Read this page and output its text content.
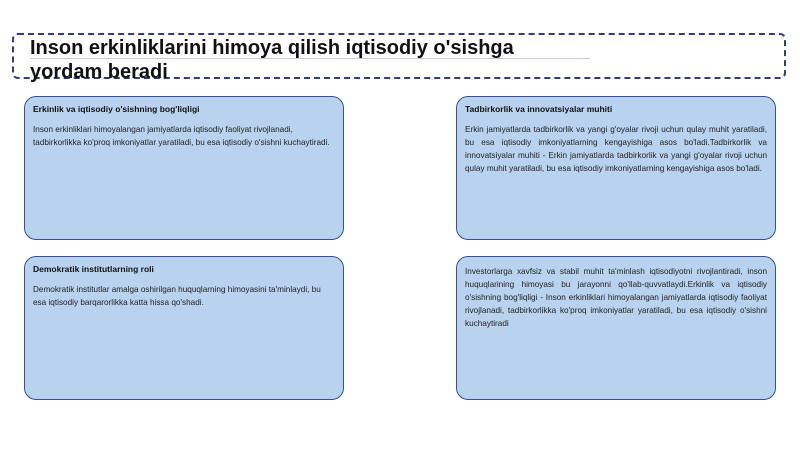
Inson erkinliklarini himoya qilish iqtisodiy o'sishga yordam beradi

Erkinlik va iqtisodiy o'sishning bog'liqligi

Inson erkinliklari himoyalangan jamiyatlarda iqtisodiy faoliyat rivojlanadi, tadbirkorlikka ko'proq imkoniyatlar yaratiladi, bu esa iqtisodiy o'sishni kuchaytiradi.

Tadbirkorlik va innovatsiyalar muhiti

Erkin jamiyatlarda tadbirkorlik va yangi g'oyalar rivoji uchun qulay muhit yaratiladi, bu esa iqtisodiy imkoniyatlarning kengayishiga asos bo'ladi.Tadbirkorlik va innovatsiyalar muhiti - Erkin jamiyatlarda tadbirkorlik va yangi g'oyalar rivoji uchun qulay muhit yaratiladi, bu esa iqtisodiy imkoniyatlarning kengayishiga asos bo'ladi.

Demokratik institutlarning roli

Demokratik institutlar amalga oshirilgan huquqlarning himoyasini ta'minlaydi, bu esa iqtisodiy barqarorlikka katta hissa qo'shadi.

Investorlarga xavfsiz va stabil muhit ta'minlash iqtisodiyotni rivojlantiradi, inson huquqlarining himoyasi bu jarayonni qo'llab-quvvatlaydi.Erkinlik va iqtisodiy o'sishning bog'liqligi - Inson erkinliklari himoyalangan jamiyatlarda iqtisodiy faoliyat rivojlanadi, tadbirkorlikka ko'proq imkoniyatlar yaratiladi, bu esa iqtisodiy o'sishni kuchaytiradi
